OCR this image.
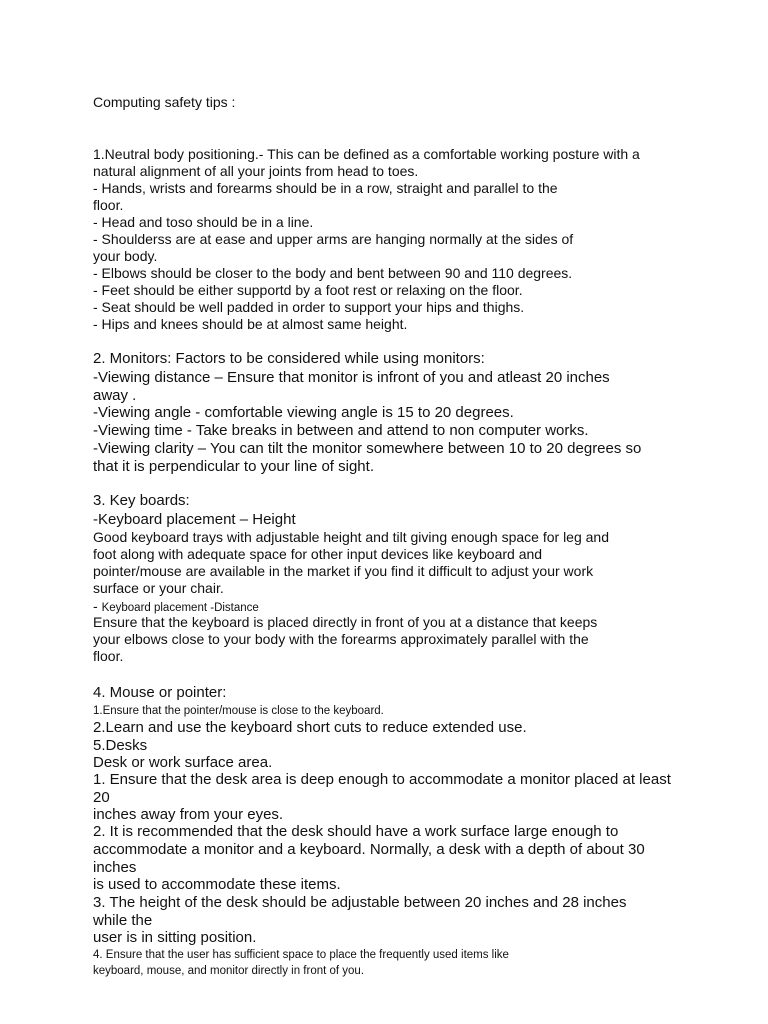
Computing safety tips :
1.Neutral body positioning.- This can be defined as a comfortable working posture with a
natural alignment of all your joints from head to toes.
- Hands, wrists and forearms should be in a row, straight and parallel to the
floor.
- Head and toso should be in a line.
- Shoulderss are at ease and upper arms are hanging normally at the sides of
your body.
- Elbows should be closer to the body and bent between 90 and 110 degrees.
- Feet should be either supportd by a foot rest or relaxing on the floor.
- Seat should be well padded in order to support your hips and thighs.
- Hips and knees should be at almost same height.
2. Monitors: Factors to be considered while using monitors:
-Viewing distance – Ensure that monitor is infront of you and atleast 20 inches
away .
-Viewing angle - comfortable viewing angle is 15 to 20 degrees.
-Viewing time - Take breaks in between and attend to non computer works.
-Viewing clarity – You can tilt the monitor somewhere between 10 to 20 degrees so
that it is perpendicular to your line of sight.
3. Key boards:
-Keyboard placement – Height
Good keyboard trays with adjustable height and tilt giving enough space for leg and
foot along with adequate space for other input devices like keyboard and
pointer/mouse are available in the market if you find it difficult to adjust your work
surface or your chair.
- Keyboard placement -Distance
Ensure that the keyboard is placed directly in front of you at a distance that keeps
your elbows close to your body with the forearms approximately parallel with the
floor.
4. Mouse or pointer:
1.Ensure that the pointer/mouse is close to the keyboard.
2.Learn and use the keyboard short cuts to reduce extended use.
5.Desks
Desk or work surface area.
1. Ensure that the desk area is deep enough to accommodate a monitor placed at least
20
inches away from your eyes.
2. It is recommended that the desk should have a work surface large enough to
accommodate a monitor and a keyboard. Normally, a desk with a depth of about 30
inches
is used to accommodate these items.
3. The height of the desk should be adjustable between 20 inches and 28 inches
while the
user is in sitting position.
4. Ensure that the user has sufficient space to place the frequently used items like
keyboard, mouse, and monitor directly in front of you.
